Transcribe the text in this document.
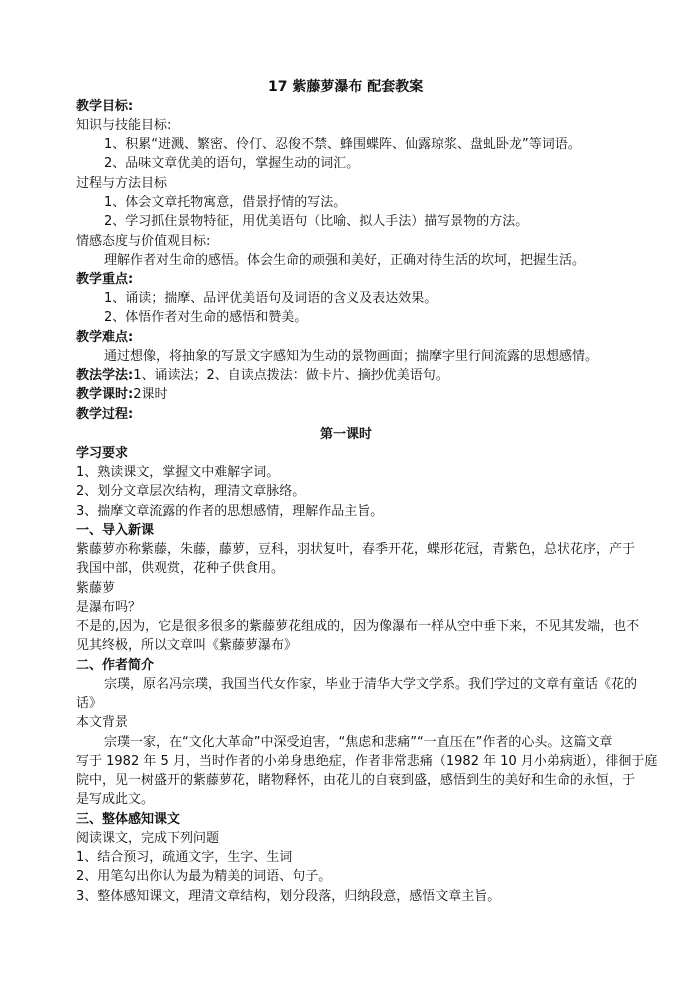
17 紫藤萝瀑布 配套教案
教学目标:
知识与技能目标:
1、积累“迸溅、繁密、伶仃、忍俊不禁、蜂围蝶阵、仙露琼浆、盘虬卧龙”等词语。
2、品味文章优美的语句，掌握生动的词汇。
过程与方法目标
1、体会文章托物寓意，借景抒情的写法。
2、学习抓住景物特征，用优美语句（比喻、拟人手法）描写景物的方法。
情感态度与价值观目标:
理解作者对生命的感悟。体会生命的顽强和美好，正确对待生活的坎坷，把握生活。
教学重点:
1、诵读；揣摩、品评优美语句及词语的含义及表达效果。
2、体悟作者对生命的感悟和赞美。
教学难点:
通过想像，将抽象的写景文字感知为生动的景物画面；揣摩字里行间流露的思想感情。
教法学法:1、诵读法；2、自读点拨法：做卡片、摘抄优美语句。
教学课时:2课时
教学过程:
第一课时
学习要求
1、熟读课文，掌握文中难解字词。
2、划分文章层次结构，理清文章脉络。
3、揣摩文章流露的作者的思想感情，理解作品主旨。
一、导入新课
紫藤萝亦称紫藤，朱藤，藤萝，豆科，羽状复叶，春季开花，蝶形花冠，青紫色，总状花序，产于
我国中部，供观赏，花种子供食用。
紫藤萝
是瀑布吗？
不是的,因为，它是很多很多的紫藤萝花组成的，因为像瀑布一样从空中垂下来，不见其发端，也不
见其终极，所以文章叫《紫藤萝瀑布》
二、作者简介
宗璞，原名冯宗璞，我国当代女作家，毕业于清华大学文学系。我们学过的文章有童话《花的
话》
本文背景
宗璞一家，在“文化大革命”中深受迫害，“焦虑和悲痛”“一直压在”作者的心头。这篇文章
写于 1982 年 5 月，当时作者的小弟身患绝症，作者非常悲痛（1982 年 10 月小弟病逝），徘徊于庭
院中，见一树盛开的紫藤萝花，睹物释怀，由花儿的自衰到盛，感悟到生的美好和生命的永恒，于
是写成此文。
三、整体感知课文
阅读课文，完成下列问题
1、结合预习，疏通文字，生字、生词
2、用笔勾出你认为最为精美的词语、句子。
3、整体感知课文，理清文章结构，划分段落，归纳段意，感悟文章主旨。
